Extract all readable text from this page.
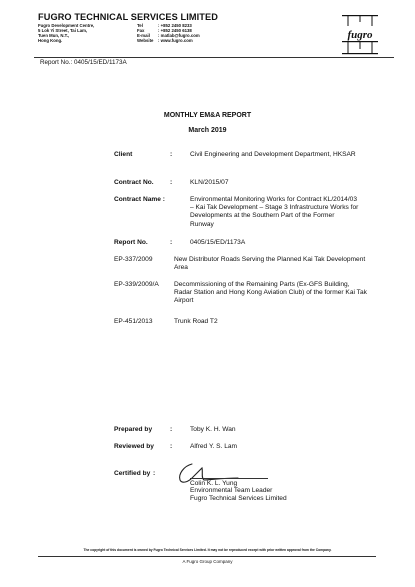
FUGRO TECHNICAL SERVICES LIMITED
Fugro Development Centre,
5 Lok Yi Street, Tai Lam,
Tuen Mun, N.T.,
Hong Kong.
Tel	: +852 2450 8233
Fax	: +852 2450 6138
E-mail : matlab@fugro.com
Website : www.fugro.com	fugro
Report No.: 0405/15/ED/1173A
MONTHLY EM&A REPORT
March 2019
Client	:	Civil Engineering and Development Department, HKSAR
Contract No. :	KLN/2015/07
Contract Name :	Environmental Monitoring Works for Contract KL/2014/03 – Kai Tak Development – Stage 3 Infrastructure Works for Developments at the Southern Part of the Former Runway
Report No.	:	0405/15/ED/1173A
EP-337/2009	New Distributor Roads Serving the Planned Kai Tak Development Area
EP-339/2009/A Decommissioning of the Remaining Parts (Ex-GFS Building, Radar Station and Hong Kong Aviation Club) of the former Kai Tak Airport
EP-451/2013	Trunk Road T2
Prepared by	:	Toby K. H. Wan
Reviewed by :	Alfred Y. S. Lam
Certified by :
Colin K. L. Yung
Environmental Team Leader
Fugro Technical Services Limited
The copyright of this document is owned by Fugro Technical Services Limited. It may not be reproduced except with prior written approval from the Company.
A Fugro Group Company
